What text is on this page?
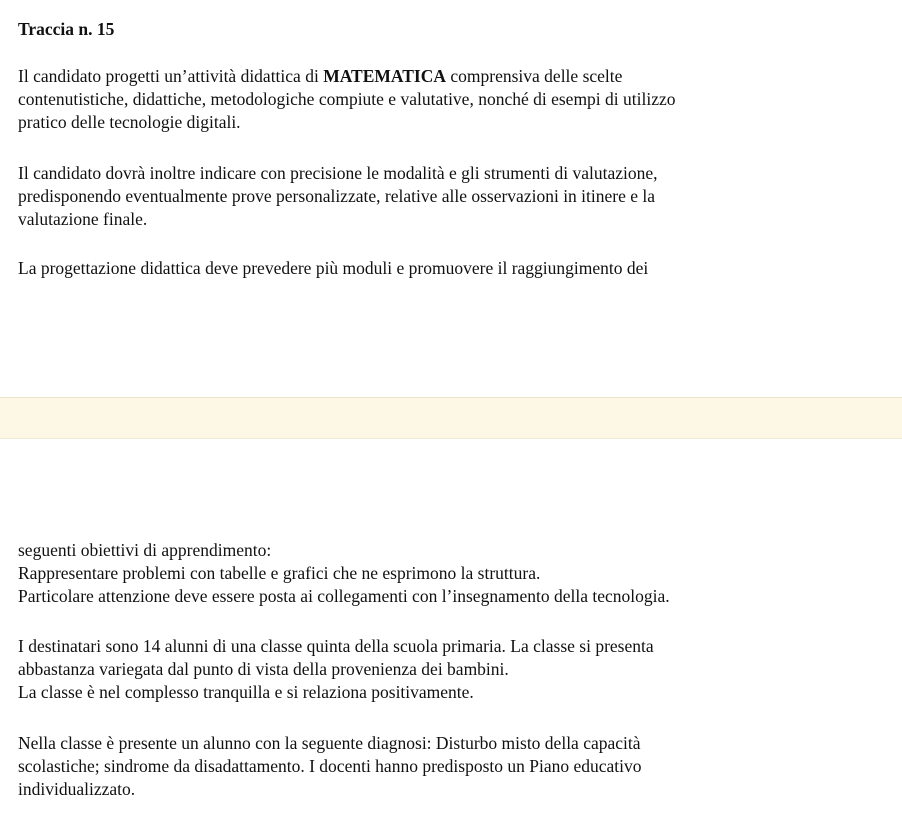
Traccia n. 15

Il candidato progetti un’attività didattica di MATEMATICA comprensiva delle scelte
contenutistiche, didattiche, metodologiche compiute e valutative, nonché di esempi di utilizzo
pratico delle tecnologie digitali.

Il candidato dovrà inoltre indicare con precisione le modalità e gli strumenti di valutazione,
predisponendo eventualmente prove personalizzate, relative alle osservazioni in itinere e la
valutazione finale.

La progettazione didattica deve prevedere più moduli e promuovere il raggiungimento dei

seguenti obiettivi di apprendimento:
Rappresentare problemi con tabelle e grafici che ne esprimono la struttura.
Particolare attenzione deve essere posta ai collegamenti con l’insegnamento della tecnologia.

I destinatari sono 14 alunni di una classe quinta della scuola primaria. La classe si presenta
abbastanza variegata dal punto di vista della provenienza dei bambini.
La classe è nel complesso tranquilla e si relaziona positivamente.

Nella classe è presente un alunno con la seguente diagnosi: Disturbo misto della capacità
scolastiche; sindrome da disadattamento. I docenti hanno predisposto un Piano educativo
individualizzato.
